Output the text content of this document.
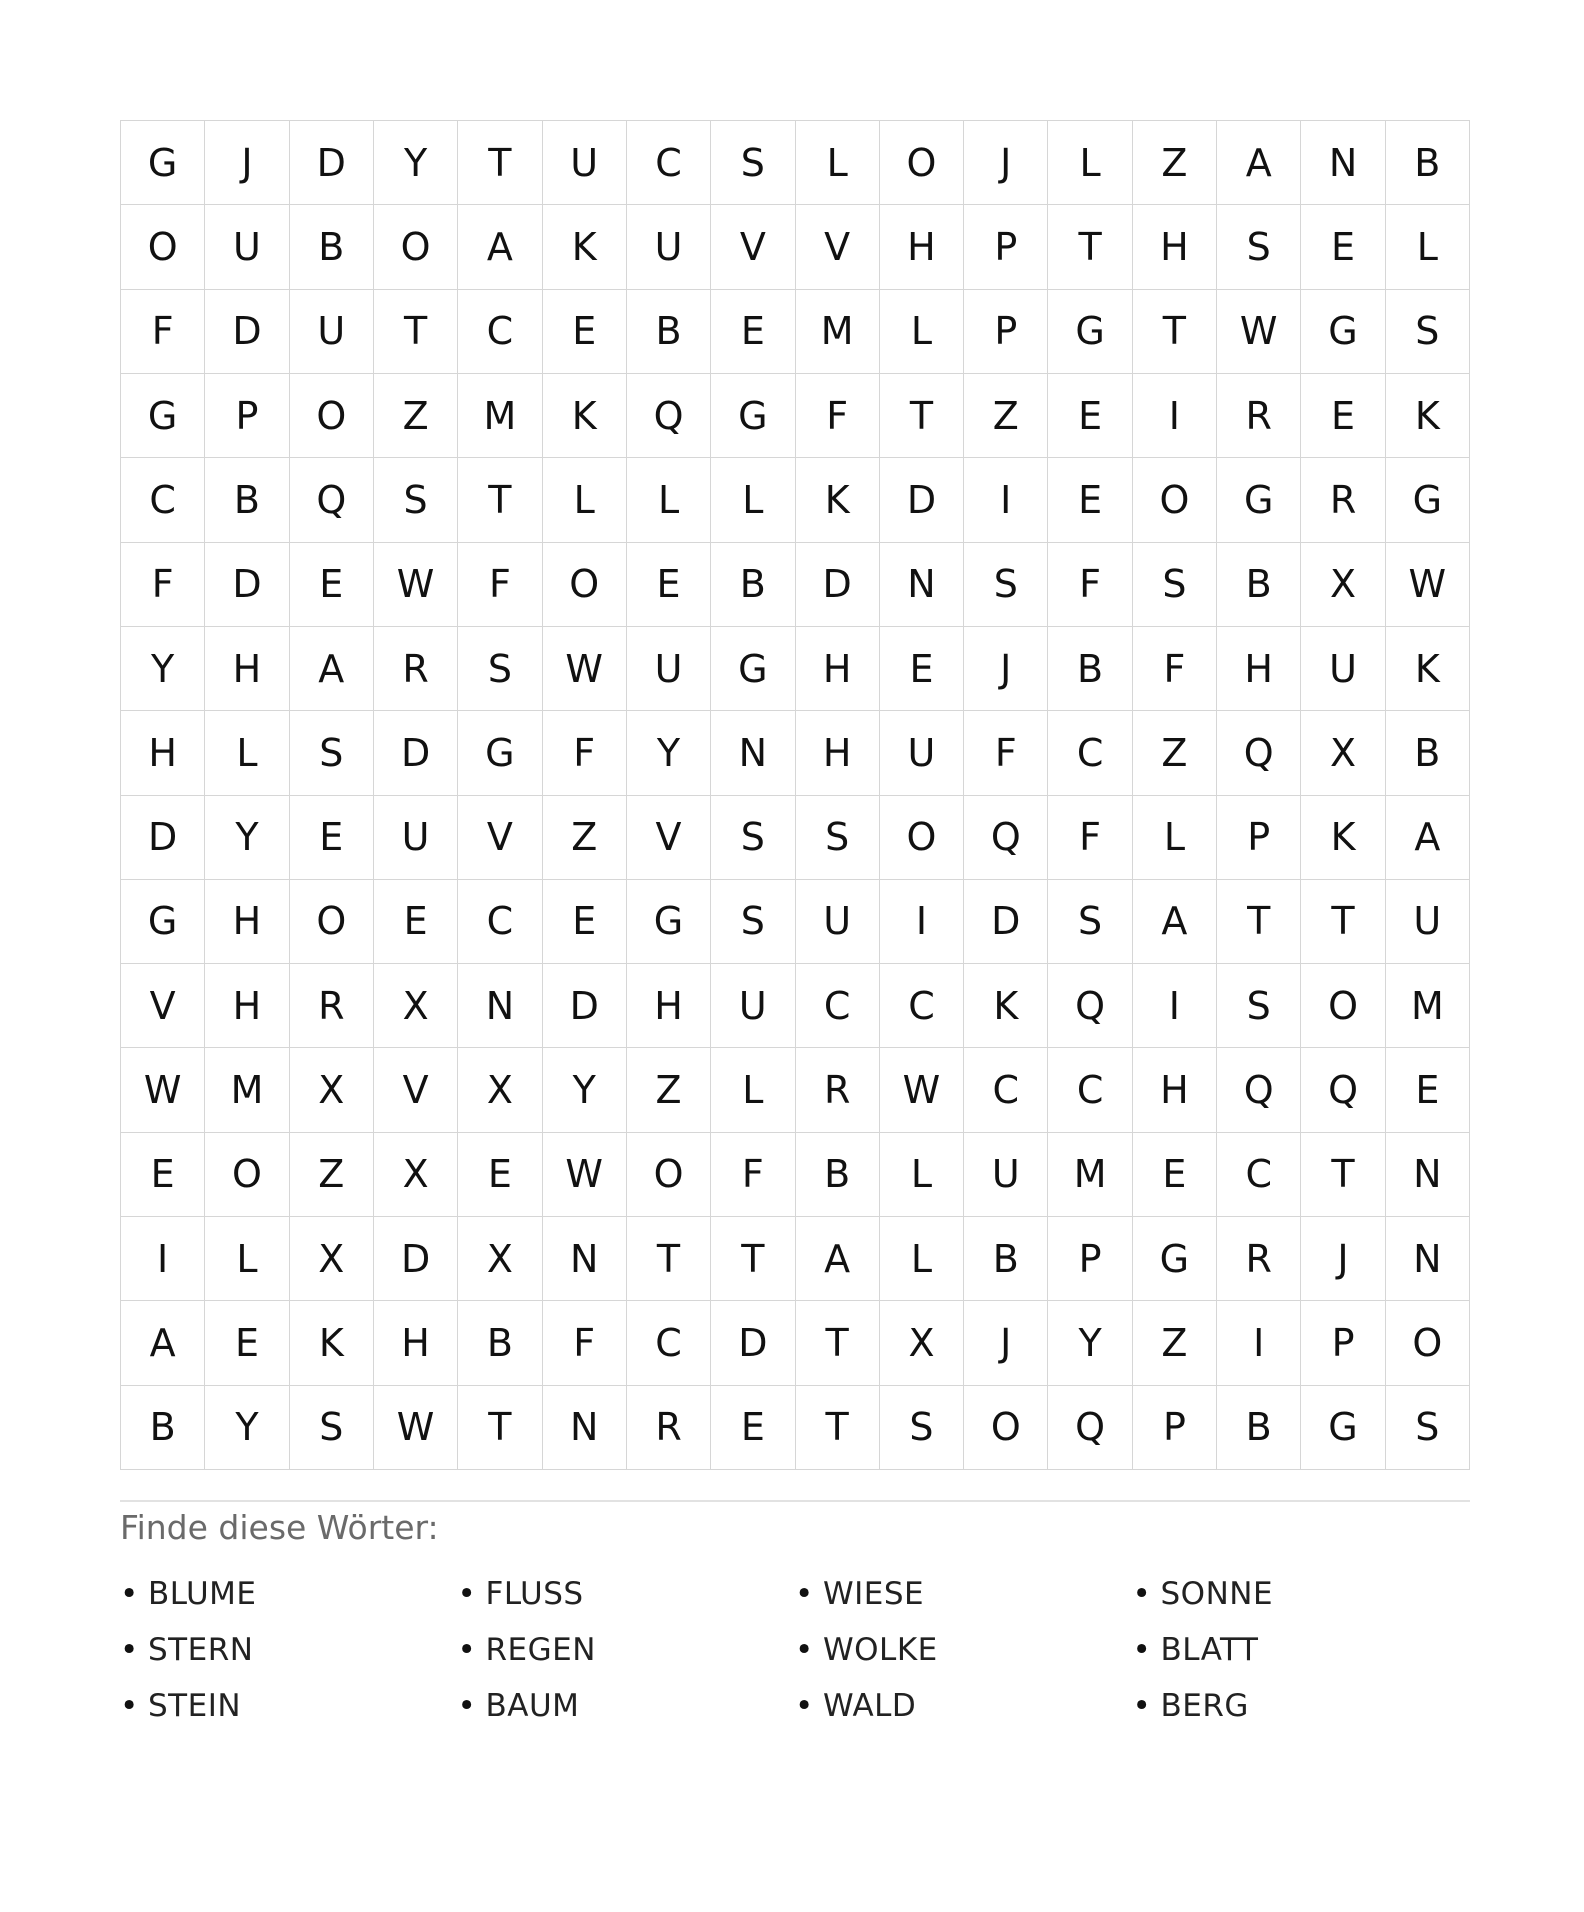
G	J	D	Y	T	U	C	S	L	O	J	L	Z	A	N	B
O	U	B	O	A	K	U	V	V	H	P	T	H	S	E	L
F	D	U	T	C	E	B	E	M	L	P	G	T	W	G	S
G	P	O	Z	M	K	Q	G	F	T	Z	E	I	R	E	K
C	B	Q	S	T	L	L	L	K	D	I	E	O	G	R	G
F	D	E	W	F	O	E	B	D	N	S	F	S	B	X	W
Y	H	A	R	S	W	U	G	H	E	J	B	F	H	U	K
H	L	S	D	G	F	Y	N	H	U	F	C	Z	Q	X	B
D	Y	E	U	V	Z	V	S	S	O	Q	F	L	P	K	A
G	H	O	E	C	E	G	S	U	I	D	S	A	T	T	U
V	H	R	X	N	D	H	U	C	C	K	Q	I	S	O	M
W	M	X	V	X	Y	Z	L	R	W	C	C	H	Q	Q	E
E	O	Z	X	E	W	O	F	B	L	U	M	E	C	T	N
I	L	X	D	X	N	T	T	A	L	B	P	G	R	J	N
A	E	K	H	B	F	C	D	T	X	J	Y	Z	I	P	O
B	Y	S	W	T	N	R	E	T	S	O	Q	P	B	G	S
Finde diese Wörter:
• BLUME	• FLUSS	• WIESE	• SONNE
• STERN	• REGEN	• WOLKE	• BLATT
• STEIN	• BAUM	• WALD	• BERG
